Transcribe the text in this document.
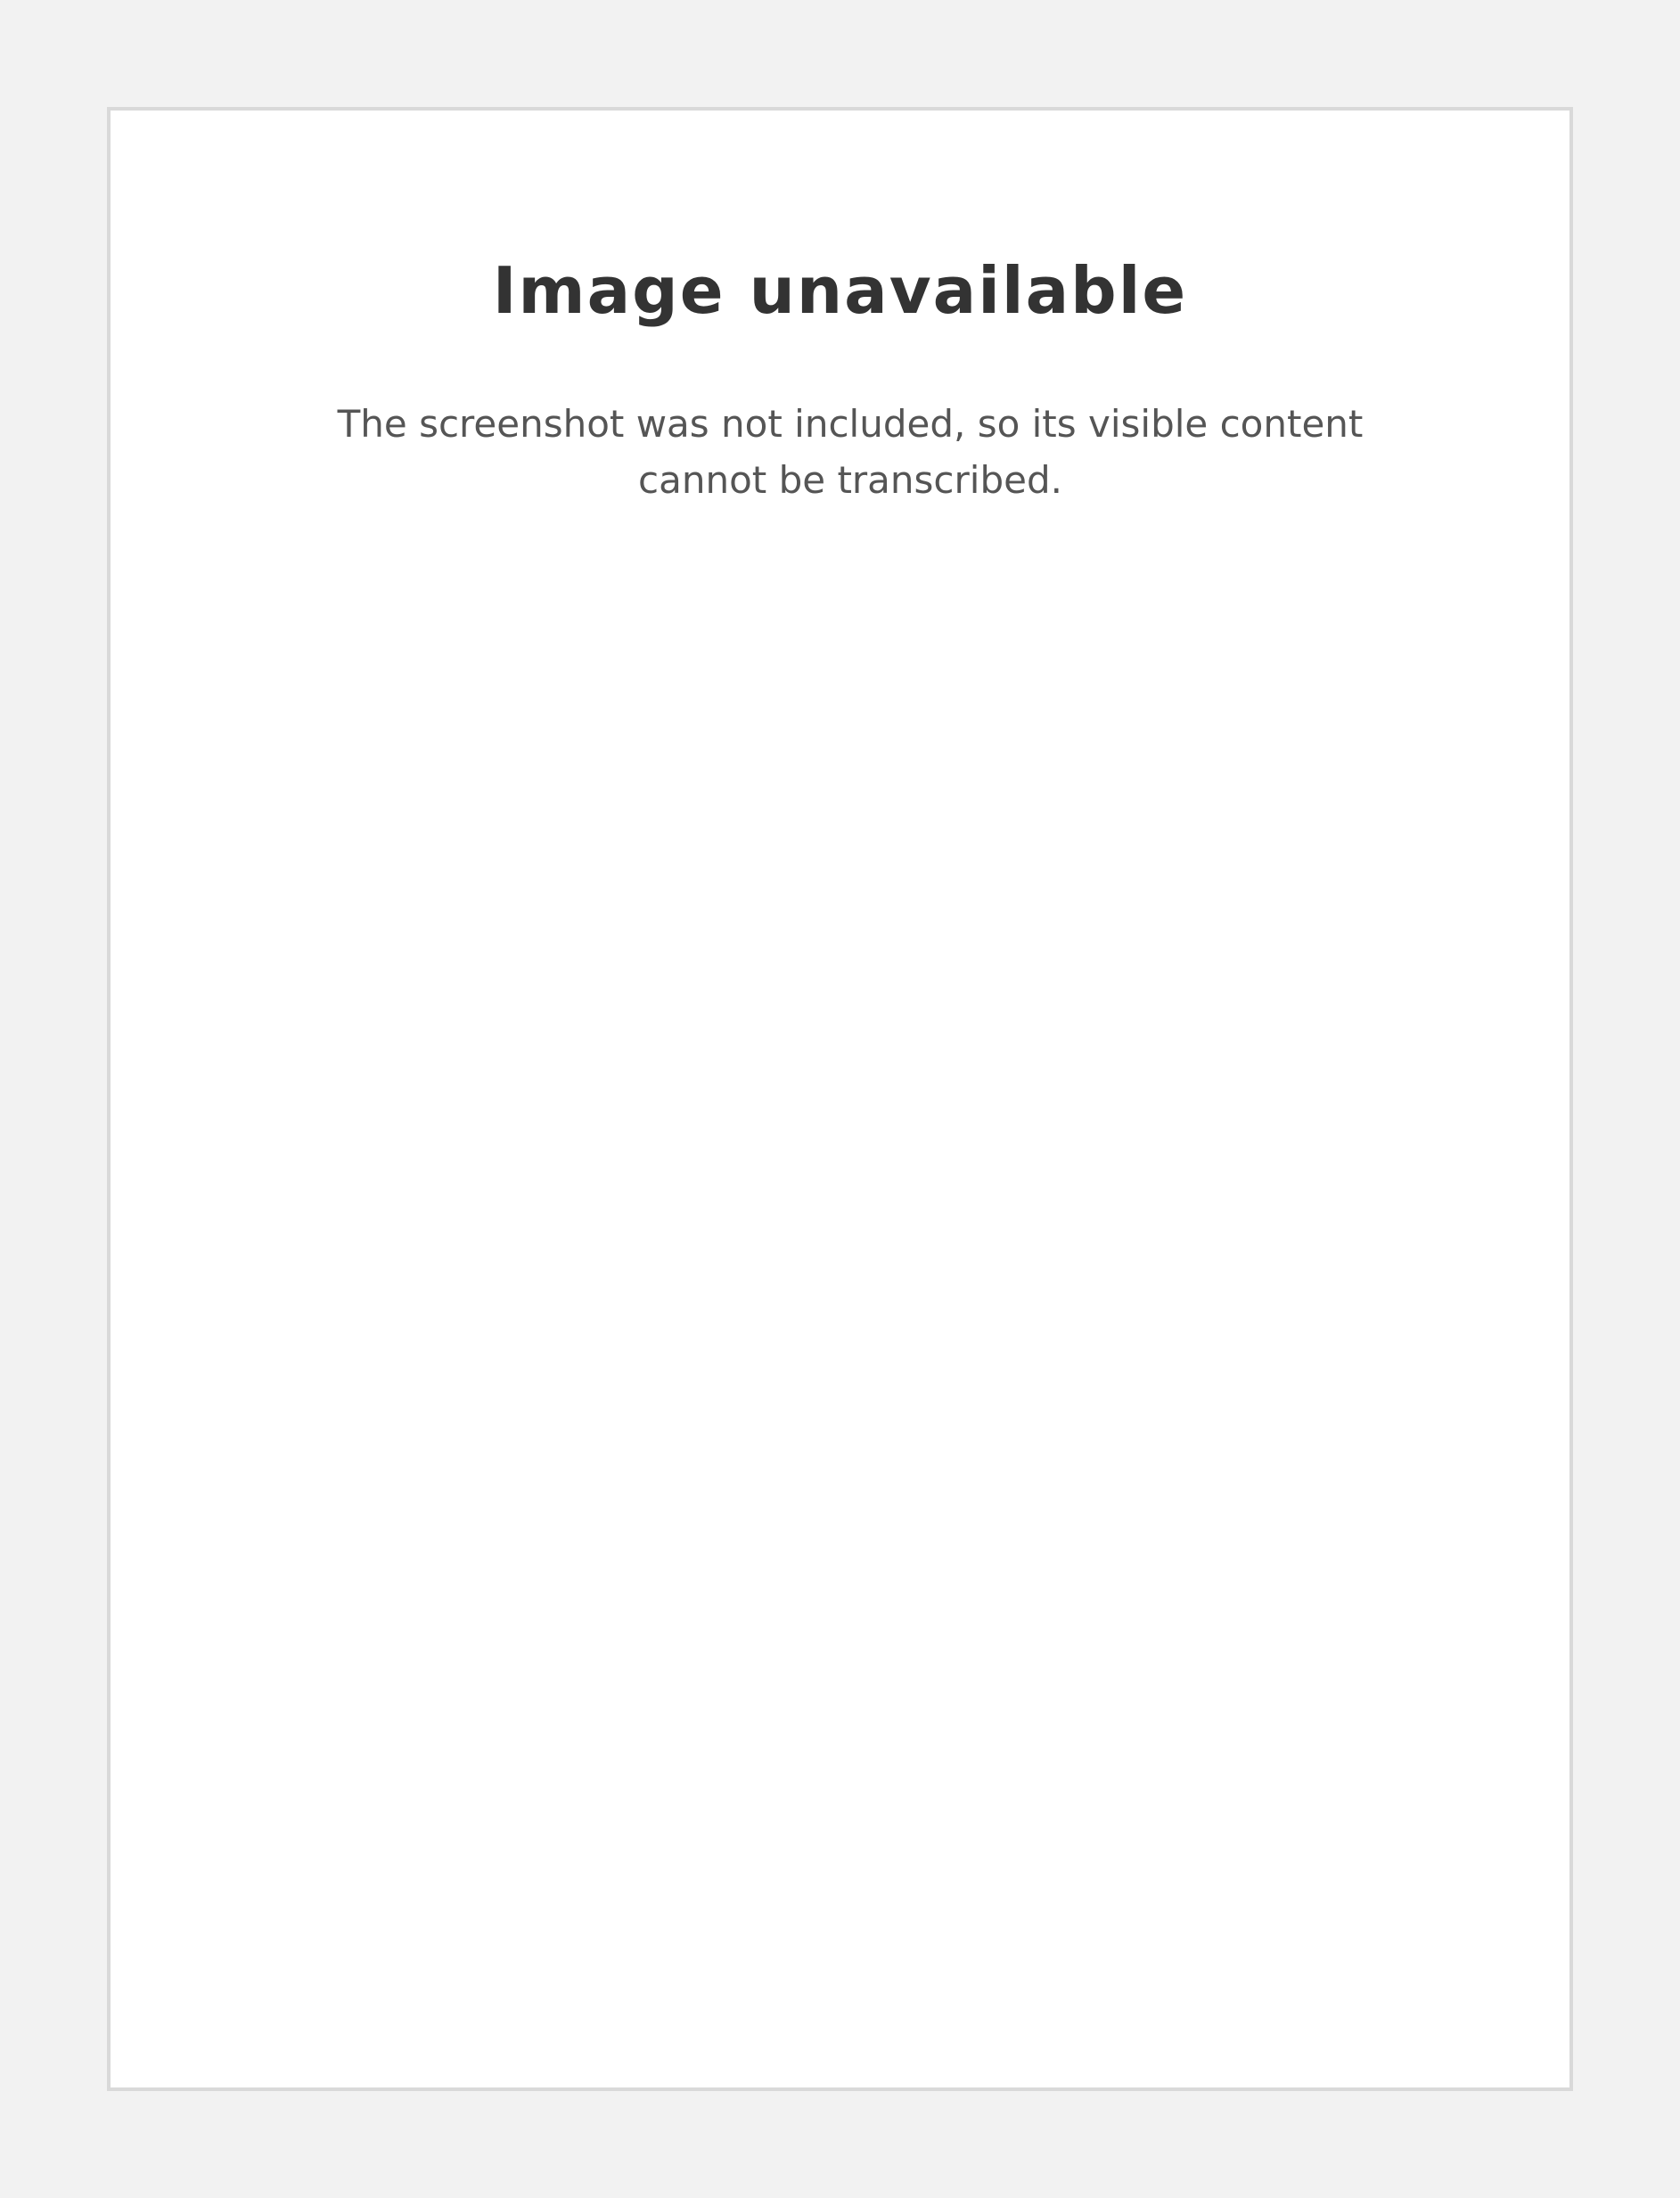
Image unavailable
The screenshot was not included, so its visible content cannot be transcribed.
